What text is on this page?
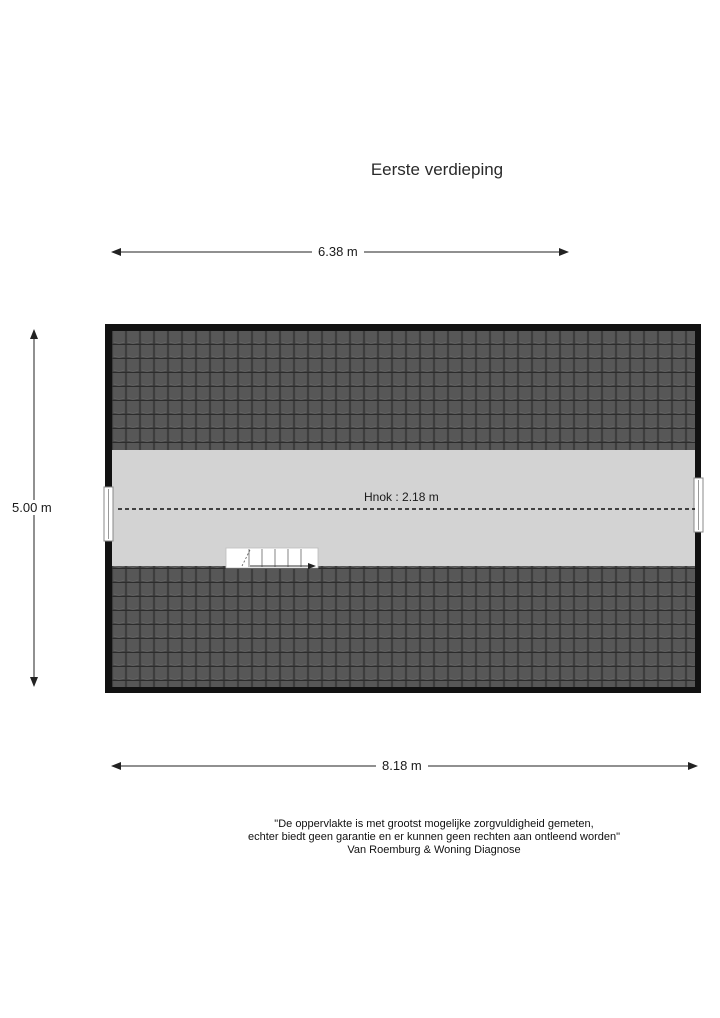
Eerste verdieping
6.38 m
8.18 m
5.00 m
Hnok : 2.18 m
"De oppervlakte is met grootst mogelijke zorgvuldigheid gemeten,
echter biedt geen garantie en er kunnen geen rechten aan ontleend worden"
Van Roemburg & Woning Diagnose
